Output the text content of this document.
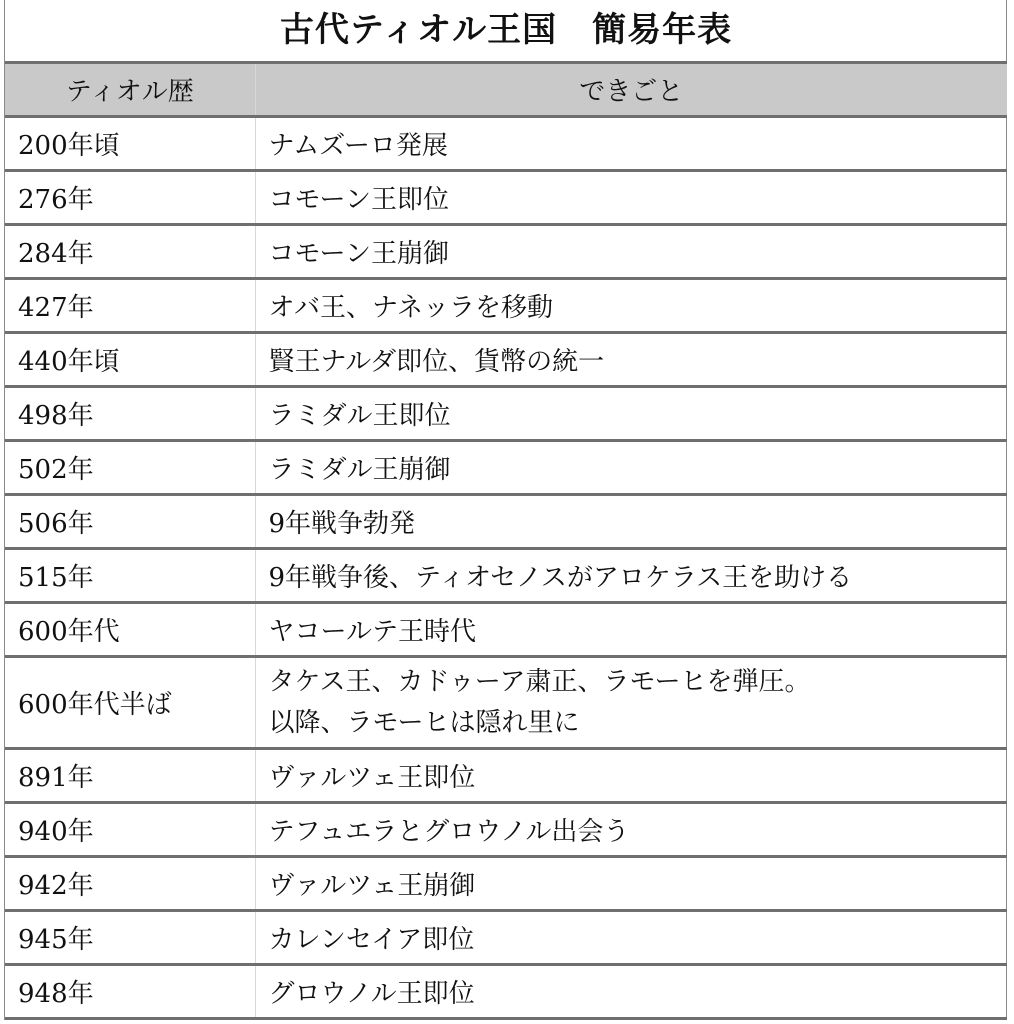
古代ティオル王国　簡易年表
ティオル歴	できごと
200年頃	ナムズーロ発展
276年	コモーン王即位
284年	コモーン王崩御
427年	オバ王、ナネッラを移動
440年頃	賢王ナルダ即位、貨幣の統一
498年	ラミダル王即位
502年	ラミダル王崩御
506年	9年戦争勃発
515年	9年戦争後、ティオセノスがアロケラス王を助ける
600年代	ヤコールテ王時代
600年代半ば	タケス王、カドゥーア粛正、ラモーヒを弾圧。
以降、ラモーヒは隠れ里に

891年	ヴァルツェ王即位
940年	テフュエラとグロウノル出会う
942年	ヴァルツェ王崩御
945年	カレンセイア即位
948年	グロウノル王即位
